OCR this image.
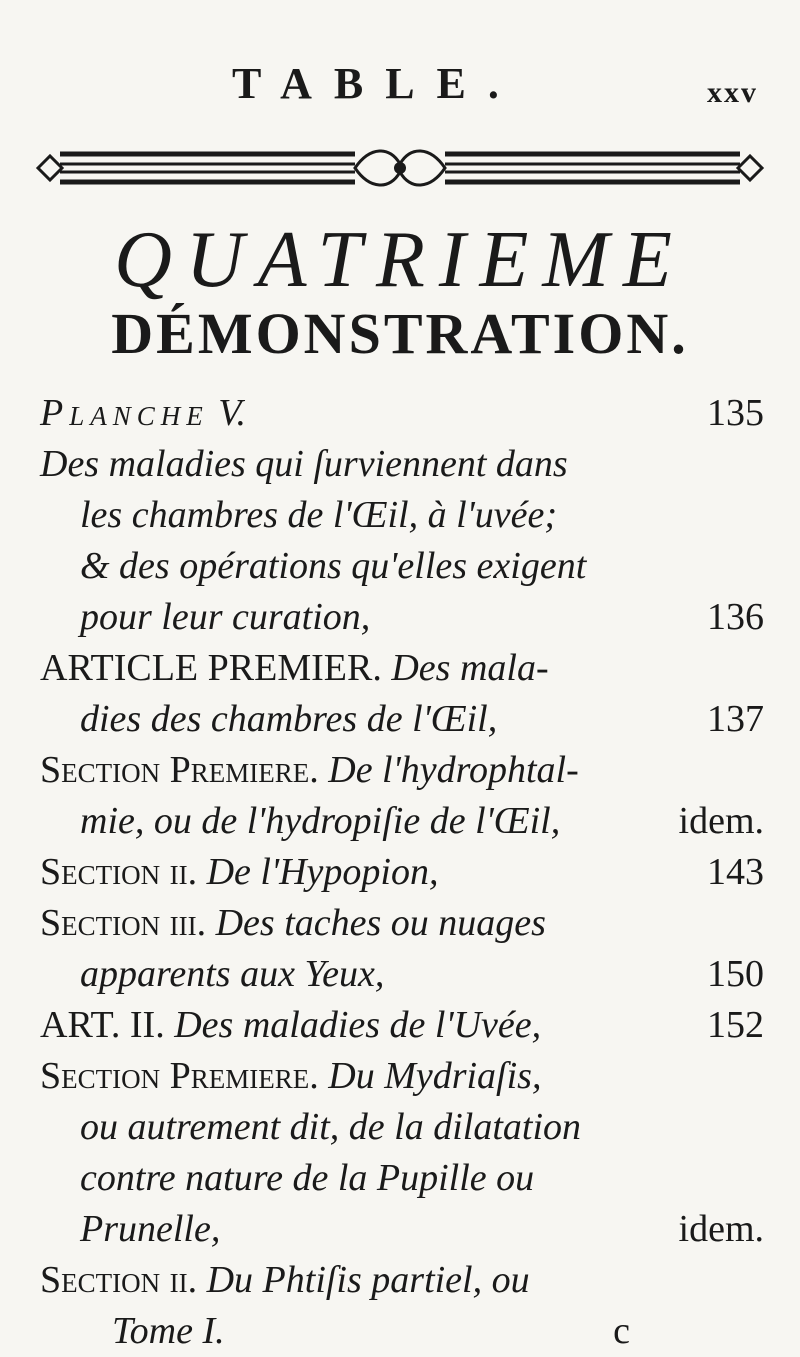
TABLE.	xxv
QUATRIEME
DÉMONSTRATION.
Planche V.	135
Des maladies qui ſurviennent dans
les chambres de l'Œil, à l'uvée;
& des opérations qu'elles exigent
pour leur curation,	136
ARTICLE PREMIER. Des mala-
dies des chambres de l'Œil,	137
Section Premiere. De l'hydrophtal-
mie, ou de l'hydropiſie de l'Œil,	idem.
Section ii. De l'Hypopion,	143
Section iii. Des taches ou nuages
apparents aux Yeux,	150
ART. II. Des maladies de l'Uvée,	152
Section Premiere. Du Mydriaſis,
ou autrement dit, de la dilatation
contre nature de la Pupille ou
Prunelle,	idem.
Section ii. Du Phtiſis partiel, ou
Tome I.	c
